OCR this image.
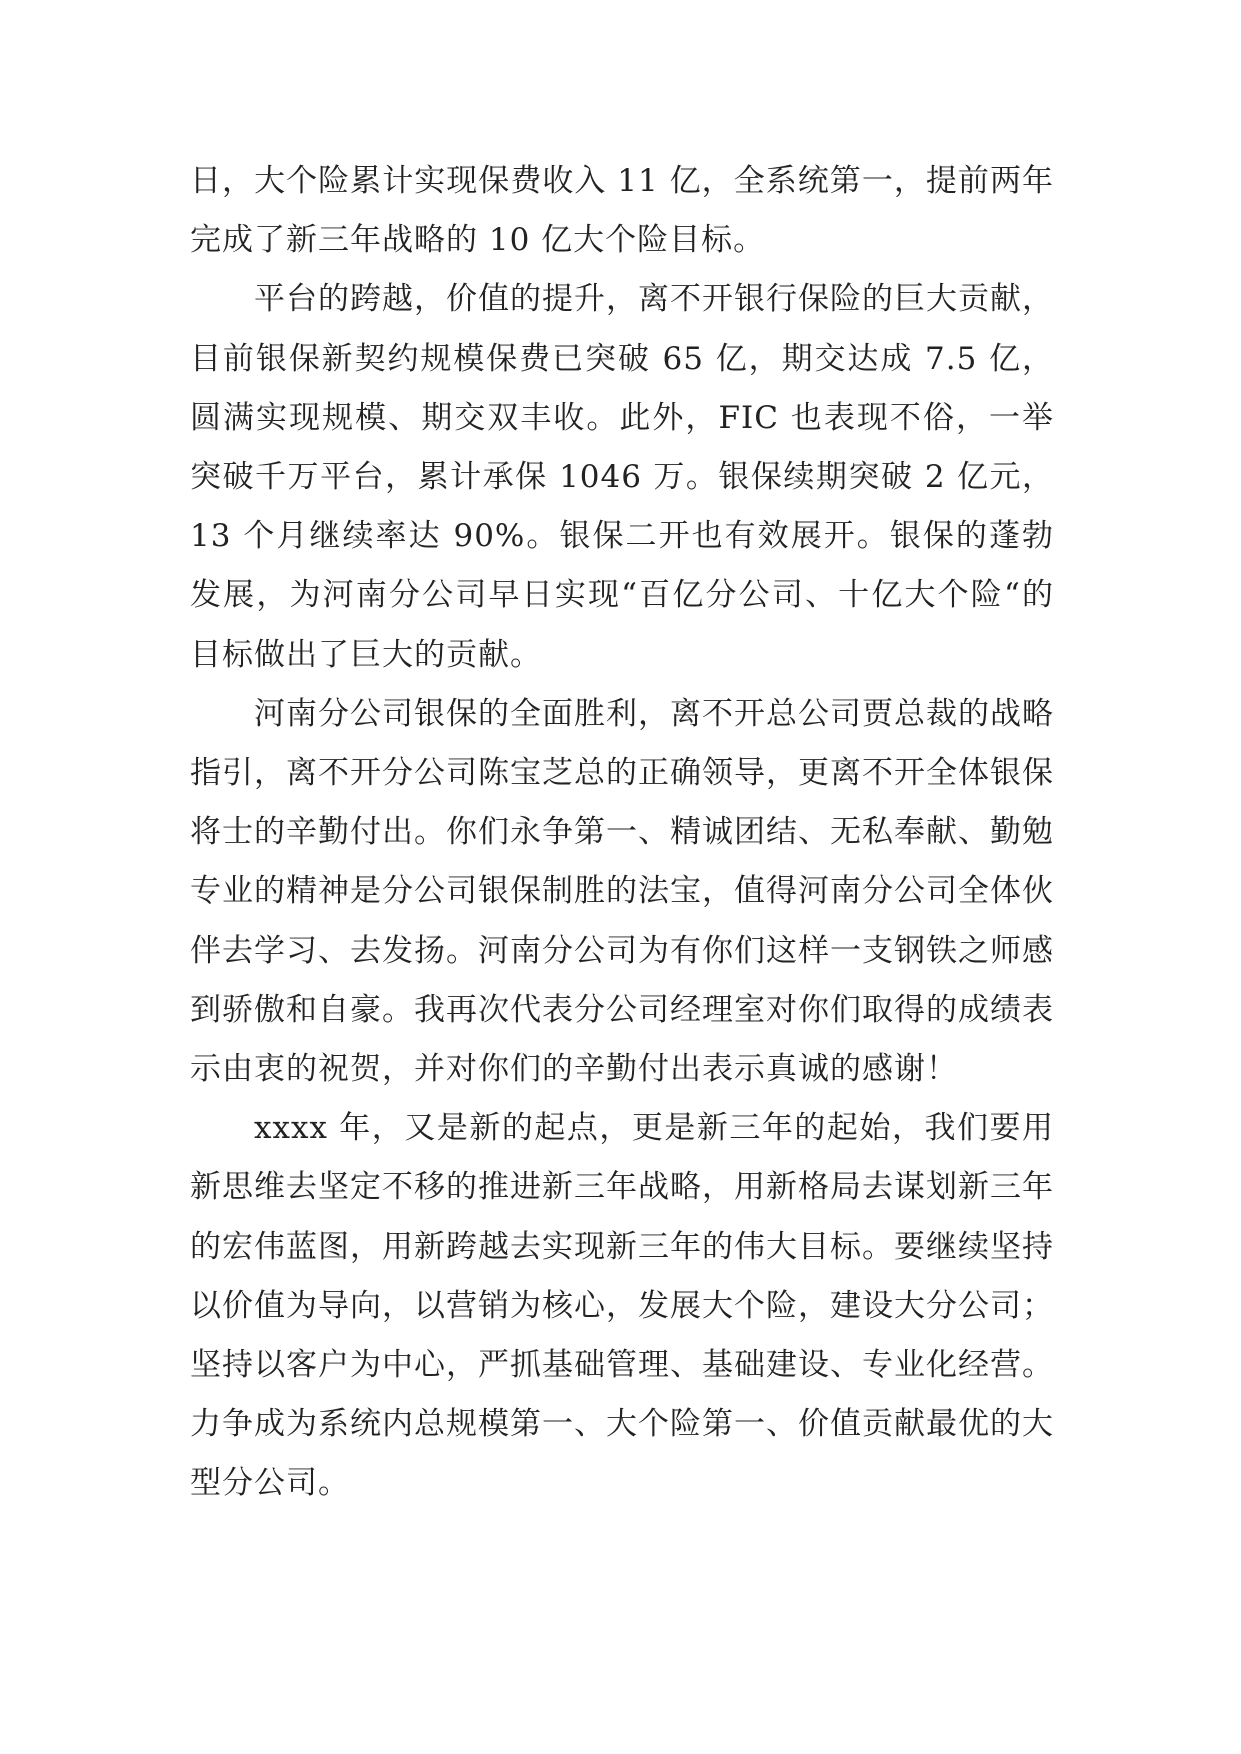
日，大个险累计实现保费收入 11 亿，全系统第一，提前两年完成了新三年战略的 10 亿大个险目标。

平台的跨越，价值的提升，离不开银行保险的巨大贡献，目前银保新契约规模保费已突破 65 亿，期交达成 7.5 亿，圆满实现规模、期交双丰收。此外，FIC 也表现不俗，一举突破千万平台，累计承保 1046 万。银保续期突破 2 亿元，13 个月继续率达 90%。银保二开也有效展开。银保的蓬勃发展，为河南分公司早日实现“百亿分公司、十亿大个险“的目标做出了巨大的贡献。

河南分公司银保的全面胜利，离不开总公司贾总裁的战略指引，离不开分公司陈宝芝总的正确领导，更离不开全体银保将士的辛勤付出。你们永争第一、精诚团结、无私奉献、勤勉专业的精神是分公司银保制胜的法宝，值得河南分公司全体伙伴去学习、去发扬。河南分公司为有你们这样一支钢铁之师感到骄傲和自豪。我再次代表分公司经理室对你们取得的成绩表示由衷的祝贺，并对你们的辛勤付出表示真诚的感谢！

xxxx 年，又是新的起点，更是新三年的起始，我们要用新思维去坚定不移的推进新三年战略，用新格局去谋划新三年的宏伟蓝图，用新跨越去实现新三年的伟大目标。要继续坚持以价值为导向，以营销为核心，发展大个险，建设大分公司；坚持以客户为中心，严抓基础管理、基础建设、专业化经营。力争成为系统内总规模第一、大个险第一、价值贡献最优的大型分公司。
